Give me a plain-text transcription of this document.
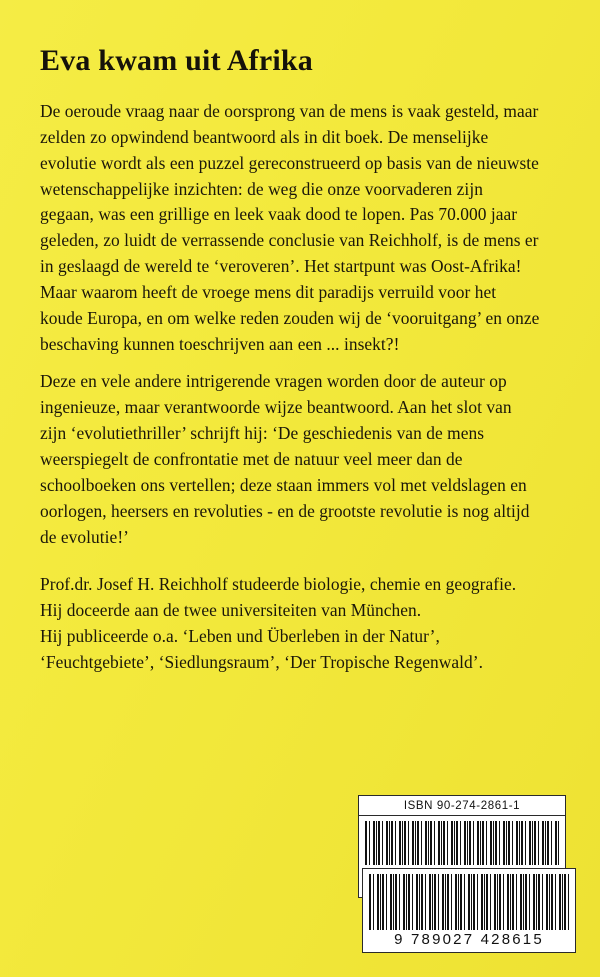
Eva kwam uit Afrika

De oeroude vraag naar de oorsprong van de mens is vaak gesteld, maar zelden zo opwindend beantwoord als in dit boek. De menselijke evolutie wordt als een puzzel gereconstrueerd op basis van de nieuwste wetenschappelijke inzichten: de weg die onze voorvaderen zijn gegaan, was een grillige en leek vaak dood te lopen. Pas 70.000 jaar geleden, zo luidt de verrassende conclusie van Reichholf, is de mens er in geslaagd de wereld te ‘veroveren’. Het startpunt was Oost-Afrika! Maar waarom heeft de vroege mens dit paradijs verruild voor het koude Europa, en om welke reden zouden wij de ‘vooruitgang’ en onze beschaving kunnen toeschrijven aan een ... insekt?!

Deze en vele andere intrigerende vragen worden door de auteur op ingenieuze, maar verantwoorde wijze beantwoord. Aan het slot van zijn ‘evolutiethriller’ schrijft hij: ‘De geschiedenis van de mens weerspiegelt de confrontatie met de natuur veel meer dan de schoolboeken ons vertellen; deze staan immers vol met veldslagen en oorlogen, heersers en revoluties - en de grootste revolutie is nog altijd de evolutie!’

Prof.dr. Josef H. Reichholf studeerde biologie, chemie en geografie. Hij doceerde aan de twee universiteiten van München.

Hij publiceerde o.a. ‘Leben und Überleben in der Natur’, ‘Feuchtgebiete’, ‘Siedlungsraum’, ‘Der Tropische Regenwald’.

ISBN 90-274-2861-1
9 789027 428615
